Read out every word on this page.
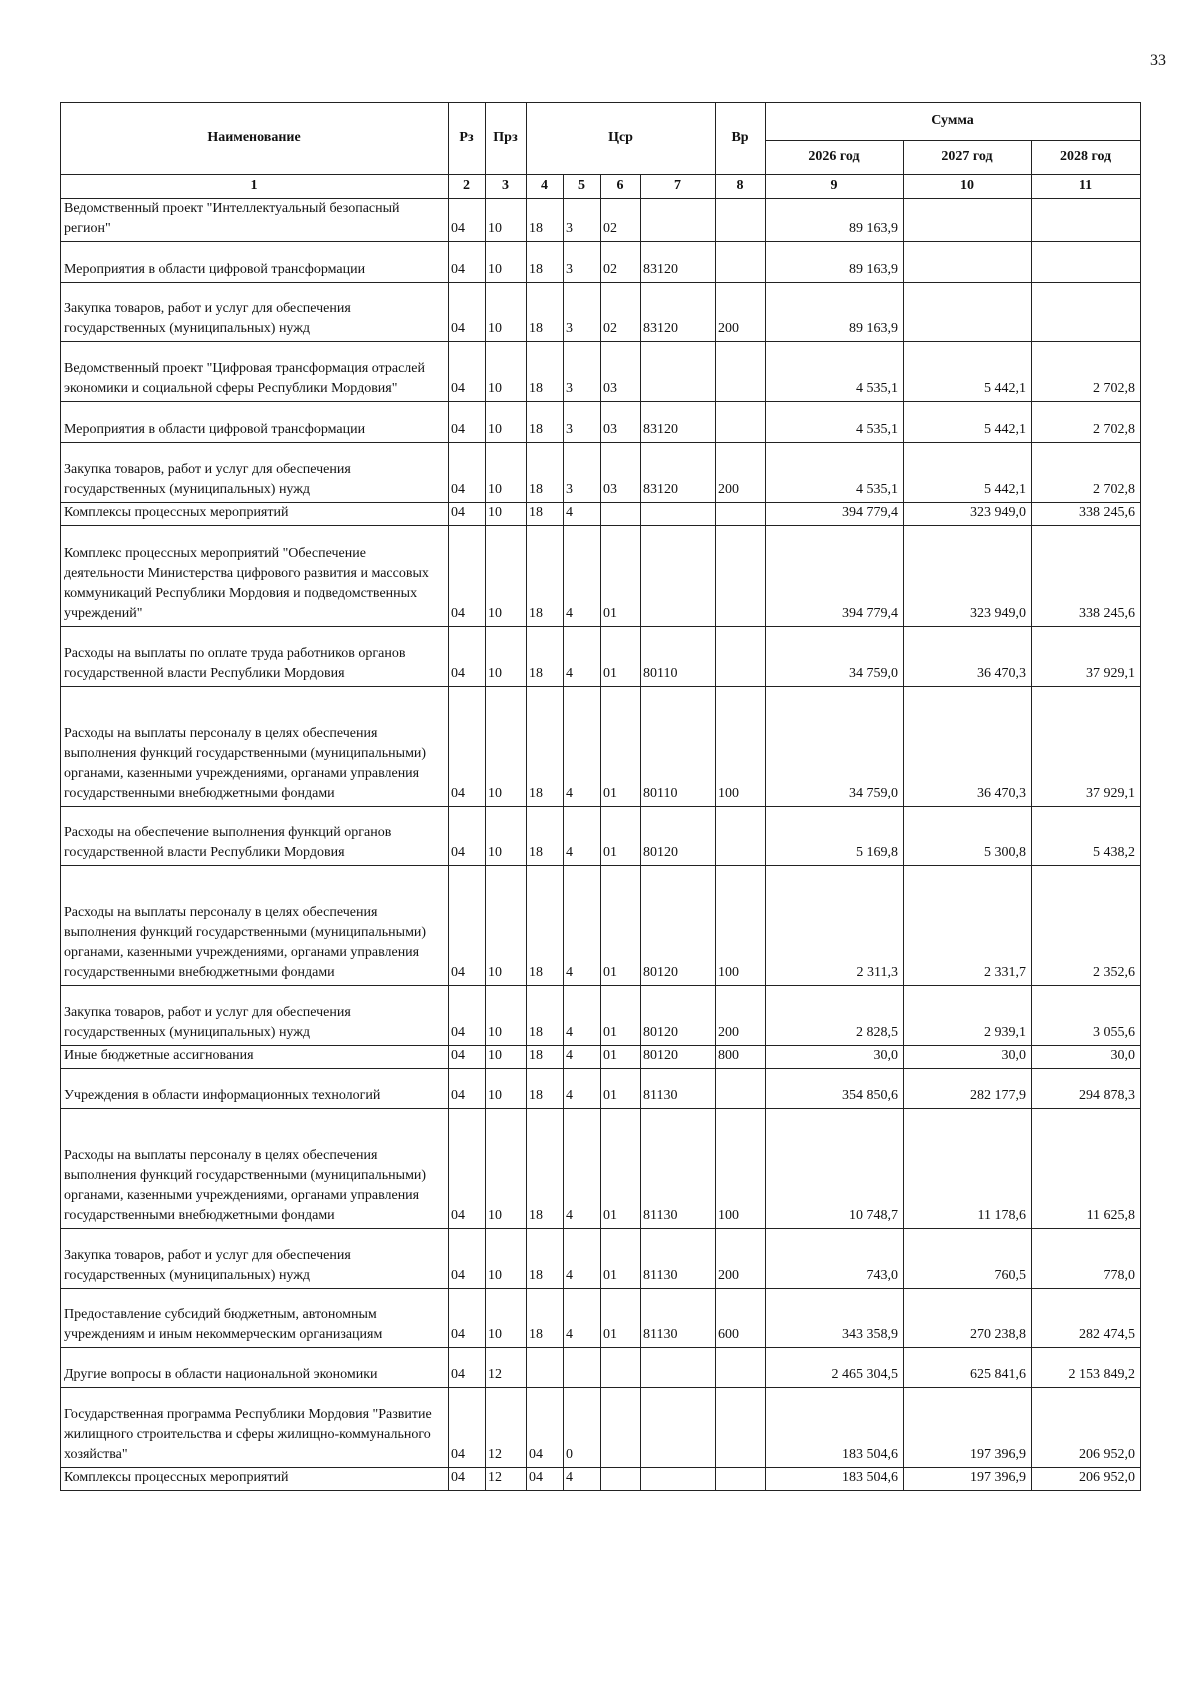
33
Наименование	Рз	Прз	Цср				Вр	Сумма		
								2026 год	2027 год	2028 год
1	2	3	4	5	6	7	8	9	10	11
Ведомственный проект "Интеллектуальный безопасный регион"	04	10	18	3	02			89 163,9		
Мероприятия в области цифровой трансформации	04	10	18	3	02	83120		89 163,9		
Закупка товаров, работ и услуг для обеспечения государственных (муниципальных) нужд	04	10	18	3	02	83120	200	89 163,9		
Ведомственный проект "Цифровая трансформация отраслей экономики и социальной сферы Республики Мордовия"	04	10	18	3	03			4 535,1	5 442,1	2 702,8
Мероприятия в области цифровой трансформации	04	10	18	3	03	83120		4 535,1	5 442,1	2 702,8
Закупка товаров, работ и услуг для обеспечения государственных (муниципальных) нужд	04	10	18	3	03	83120	200	4 535,1	5 442,1	2 702,8
Комплексы процессных мероприятий	04	10	18	4				394 779,4	323 949,0	338 245,6
Комплекс процессных мероприятий "Обеспечение деятельности Министерства цифрового развития и массовых коммуникаций Республики Мордовия и подведомственных учреждений"	04	10	18	4	01			394 779,4	323 949,0	338 245,6
Расходы на выплаты по оплате труда работников органов государственной власти Республики Мордовия	04	10	18	4	01	80110		34 759,0	36 470,3	37 929,1
Расходы на выплаты персоналу в целях обеспечения выполнения функций государственными (муниципальными) органами, казенными учреждениями, органами управления государственными внебюджетными фондами	04	10	18	4	01	80110	100	34 759,0	36 470,3	37 929,1
Расходы на обеспечение выполнения функций органов государственной власти Республики Мордовия	04	10	18	4	01	80120		5 169,8	5 300,8	5 438,2
Расходы на выплаты персоналу в целях обеспечения выполнения функций государственными (муниципальными) органами, казенными учреждениями, органами управления государственными внебюджетными фондами	04	10	18	4	01	80120	100	2 311,3	2 331,7	2 352,6
Закупка товаров, работ и услуг для обеспечения государственных (муниципальных) нужд	04	10	18	4	01	80120	200	2 828,5	2 939,1	3 055,6
Иные бюджетные ассигнования	04	10	18	4	01	80120	800	30,0	30,0	30,0
Учреждения в области информационных технологий	04	10	18	4	01	81130		354 850,6	282 177,9	294 878,3
Расходы на выплаты персоналу в целях обеспечения выполнения функций государственными (муниципальными) органами, казенными учреждениями, органами управления государственными внебюджетными фондами	04	10	18	4	01	81130	100	10 748,7	11 178,6	11 625,8
Закупка товаров, работ и услуг для обеспечения государственных (муниципальных) нужд	04	10	18	4	01	81130	200	743,0	760,5	778,0
Предоставление субсидий бюджетным, автономным учреждениям и иным некоммерческим организациям	04	10	18	4	01	81130	600	343 358,9	270 238,8	282 474,5
Другие вопросы в области национальной экономики	04	12						2 465 304,5	625 841,6	2 153 849,2
Государственная программа Республики Мордовия "Развитие жилищного строительства и сферы жилищно-коммунального хозяйства"	04	12	04	0				183 504,6	197 396,9	206 952,0
Комплексы процессных мероприятий	04	12	04	4				183 504,6	197 396,9	206 952,0
